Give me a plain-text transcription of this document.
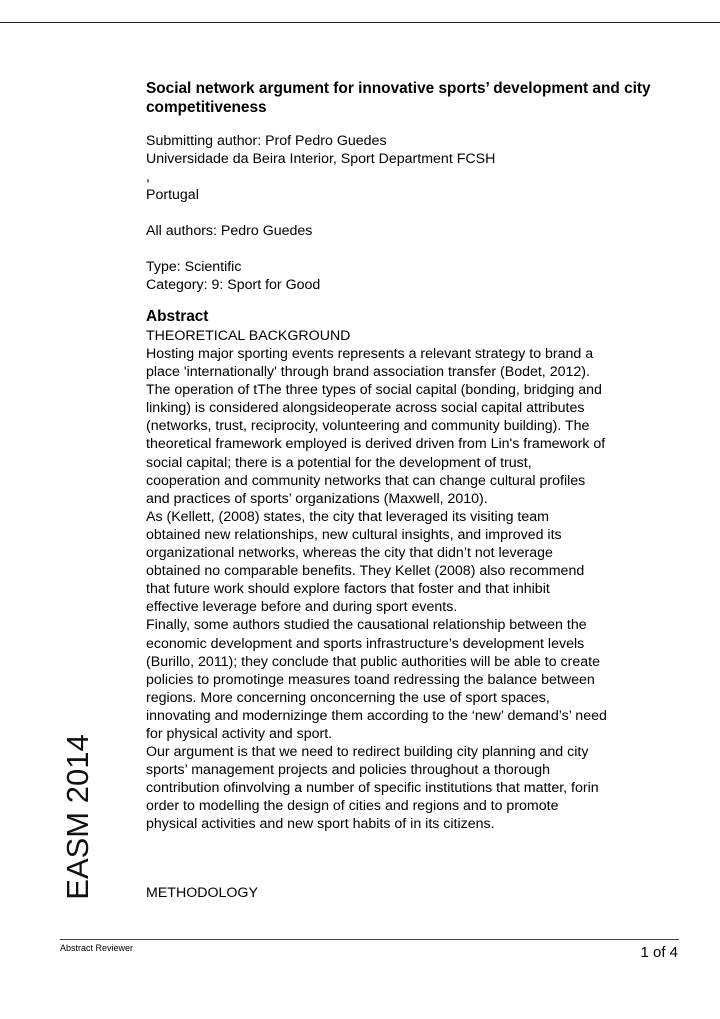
EASM 2014
Social network argument for innovative sports’ development and city competitiveness
Submitting author: Prof Pedro Guedes
Universidade da Beira Interior, Sport Department FCSH
,
Portugal
All authors: Pedro Guedes
Type: Scientific
Category: 9: Sport for Good
Abstract
THEORETICAL BACKGROUND
Hosting major sporting events represents a relevant strategy to brand a
place 'internationally' through brand association transfer (Bodet, 2012).
The operation of tThe three types of social capital (bonding, bridging and
linking) is considered alongsideoperate across social capital attributes
(networks, trust, reciprocity, volunteering and community building). The
theoretical framework employed is derived driven from Lin's framework of
social capital; there is a potential for the development of trust,
cooperation and community networks that can change cultural profiles
and practices of sports’ organizations (Maxwell, 2010).
As (Kellett, (2008) states, the city that leveraged its visiting team
obtained new relationships, new cultural insights, and improved its
organizational networks, whereas the city that didn’t not leverage
obtained no comparable benefits. They Kellet (2008) also recommend
that future work should explore factors that foster and that inhibit
effective leverage before and during sport events.
Finally, some authors studied the causational relationship between the
economic development and sports infrastructure’s development levels
(Burillo, 2011); they conclude that public authorities will be able to create
policies to promotinge measures toand redressing the balance between
regions. More concerning onconcerning the use of sport spaces,
innovating and modernizinge them according to the ‘new’ demand’s’ need
for physical activity and sport.
Our argument is that we need to redirect building city planning and city
sports’ management projects and policies throughout a thorough
contribution ofinvolving a number of specific institutions that matter, forin
order to modelling the design of cities and regions and to promote
physical activities and new sport habits of in its citizens.
METHODOLOGY
Abstract Reviewer	1 of 4
